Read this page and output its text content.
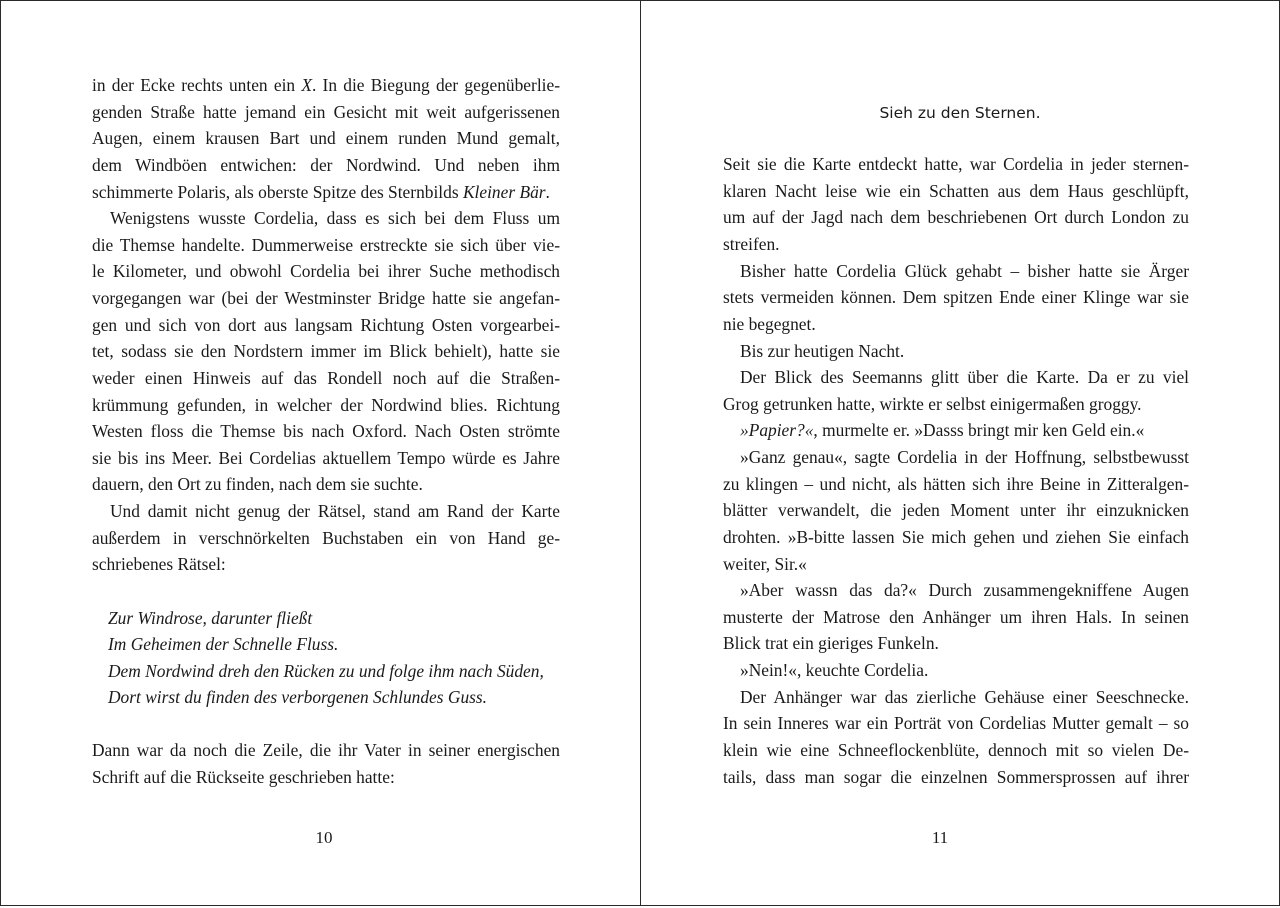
in der Ecke rechts unten ein X. In die Biegung der gegenüberlie-
genden Straße hatte jemand ein Gesicht mit weit aufgerissenen
Augen, einem krausen Bart und einem runden Mund gemalt,
dem Windböen entwichen: der Nordwind. Und neben ihm
schimmerte Polaris, als oberste Spitze des Sternbilds Kleiner Bär.
Wenigstens wusste Cordelia, dass es sich bei dem Fluss um
die Themse handelte. Dummerweise erstreckte sie sich über vie-
le Kilometer, und obwohl Cordelia bei ihrer Suche methodisch
vorgegangen war (bei der Westminster Bridge hatte sie angefan-
gen und sich von dort aus langsam Richtung Osten vorgearbei-
tet, sodass sie den Nordstern immer im Blick behielt), hatte sie
weder einen Hinweis auf das Rondell noch auf die Straßen-
krümmung gefunden, in welcher der Nordwind blies. Richtung
Westen floss die Themse bis nach Oxford. Nach Osten strömte
sie bis ins Meer. Bei Cordelias aktuellem Tempo würde es Jahre
dauern, den Ort zu finden, nach dem sie suchte.
Und damit nicht genug der Rätsel, stand am Rand der Karte
außerdem in verschnörkelten Buchstaben ein von Hand ge-
schriebenes Rätsel:
Zur Windrose, darunter fließt
Im Geheimen der Schnelle Fluss.
Dem Nordwind dreh den Rücken zu und folge ihm nach Süden,
Dort wirst du finden des verborgenen Schlundes Guss.
Dann war da noch die Zeile, die ihr Vater in seiner energischen
Schrift auf die Rückseite geschrieben hatte:
10
Sieh zu den Sternen.
Seit sie die Karte entdeckt hatte, war Cordelia in jeder sternen-
klaren Nacht leise wie ein Schatten aus dem Haus geschlüpft,
um auf der Jagd nach dem beschriebenen Ort durch London zu
streifen.
Bisher hatte Cordelia Glück gehabt – bisher hatte sie Ärger
stets vermeiden können. Dem spitzen Ende einer Klinge war sie
nie begegnet.
Bis zur heutigen Nacht.
Der Blick des Seemanns glitt über die Karte. Da er zu viel
Grog getrunken hatte, wirkte er selbst einigermaßen groggy.
»Papier?«, murmelte er. »Dasss bringt mir ken Geld ein.«
»Ganz genau«, sagte Cordelia in der Hoffnung, selbstbewusst
zu klingen – und nicht, als hätten sich ihre Beine in Zitteralgen-
blätter verwandelt, die jeden Moment unter ihr einzuknicken
drohten. »B-bitte lassen Sie mich gehen und ziehen Sie einfach
weiter, Sir.«
»Aber wassn das da?« Durch zusammengekniffene Augen
musterte der Matrose den Anhänger um ihren Hals. In seinen
Blick trat ein gieriges Funkeln.
»Nein!«, keuchte Cordelia.
Der Anhänger war das zierliche Gehäuse einer Seeschnecke.
In sein Inneres war ein Porträt von Cordelias Mutter gemalt – so
klein wie eine Schneeflockenblüte, dennoch mit so vielen De-
tails, dass man sogar die einzelnen Sommersprossen auf ihrer
11
